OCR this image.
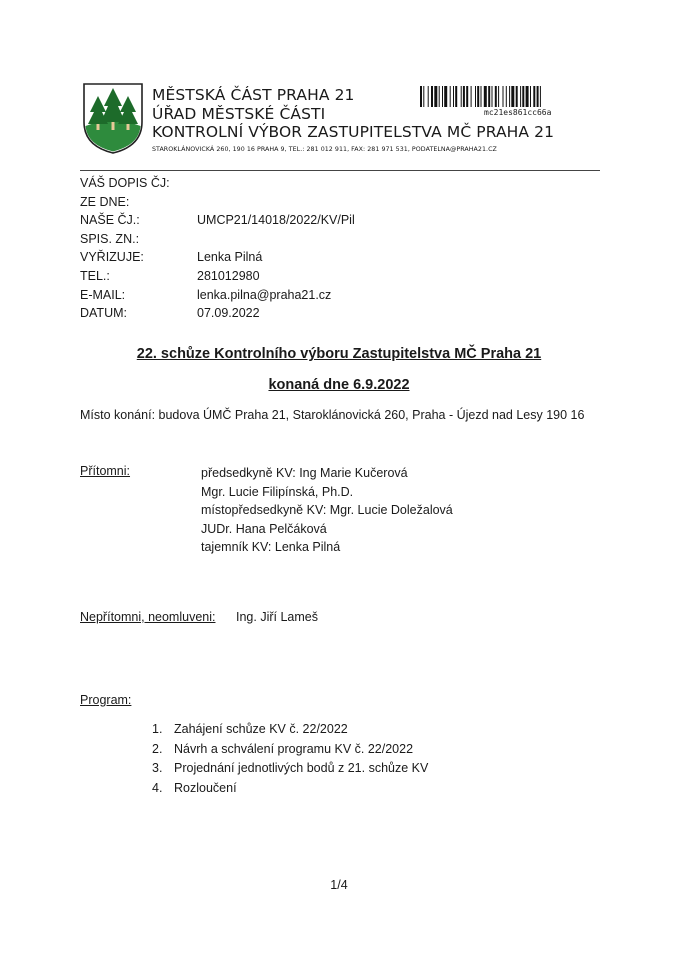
MĚSTSKÁ ČÁST PRAHA 21
ÚŘAD MĚSTSKÉ ČÁSTI
KONTROLNÍ VÝBOR ZASTUPITELSTVA MČ PRAHA 21
STAROKLÁNOVICKÁ 260, 190 16 PRAHA 9, TEL.: 281 012 911, FAX: 281 971 531, PODATELNA@PRAHA21.CZ
mc21es861cc66a
VÁŠ DOPIS ČJ:
ZE DNE:
NAŠE ČJ.:	UMCP21/14018/2022/KV/Pil
SPIS. ZN.:
VYŘIZUJE:	Lenka Pilná
TEL.:	281012980
E-MAIL:	lenka.pilna@praha21.cz
DATUM:	07.09.2022
22. schůze Kontrolního výboru Zastupitelstva MČ Praha 21
konaná dne 6.9.2022
Místo konání: budova ÚMČ Praha 21, Staroklánovická 260, Praha - Újezd nad Lesy 190 16
Přítomni:	předsedkyně KV: Ing Marie Kučerová
Mgr. Lucie Filipínská, Ph.D.
místopředsedkyně KV: Mgr. Lucie Doležalová
JUDr. Hana Pelčáková
tajemník KV: Lenka Pilná
Nepřítomni, neomluveni: Ing. Jiří Lameš
Program:
1. Zahájení schůze KV č. 22/2022
2. Návrh a schválení programu KV č. 22/2022
3. Projednání jednotlivých bodů z 21. schůze KV
4. Rozloučení
1/4
